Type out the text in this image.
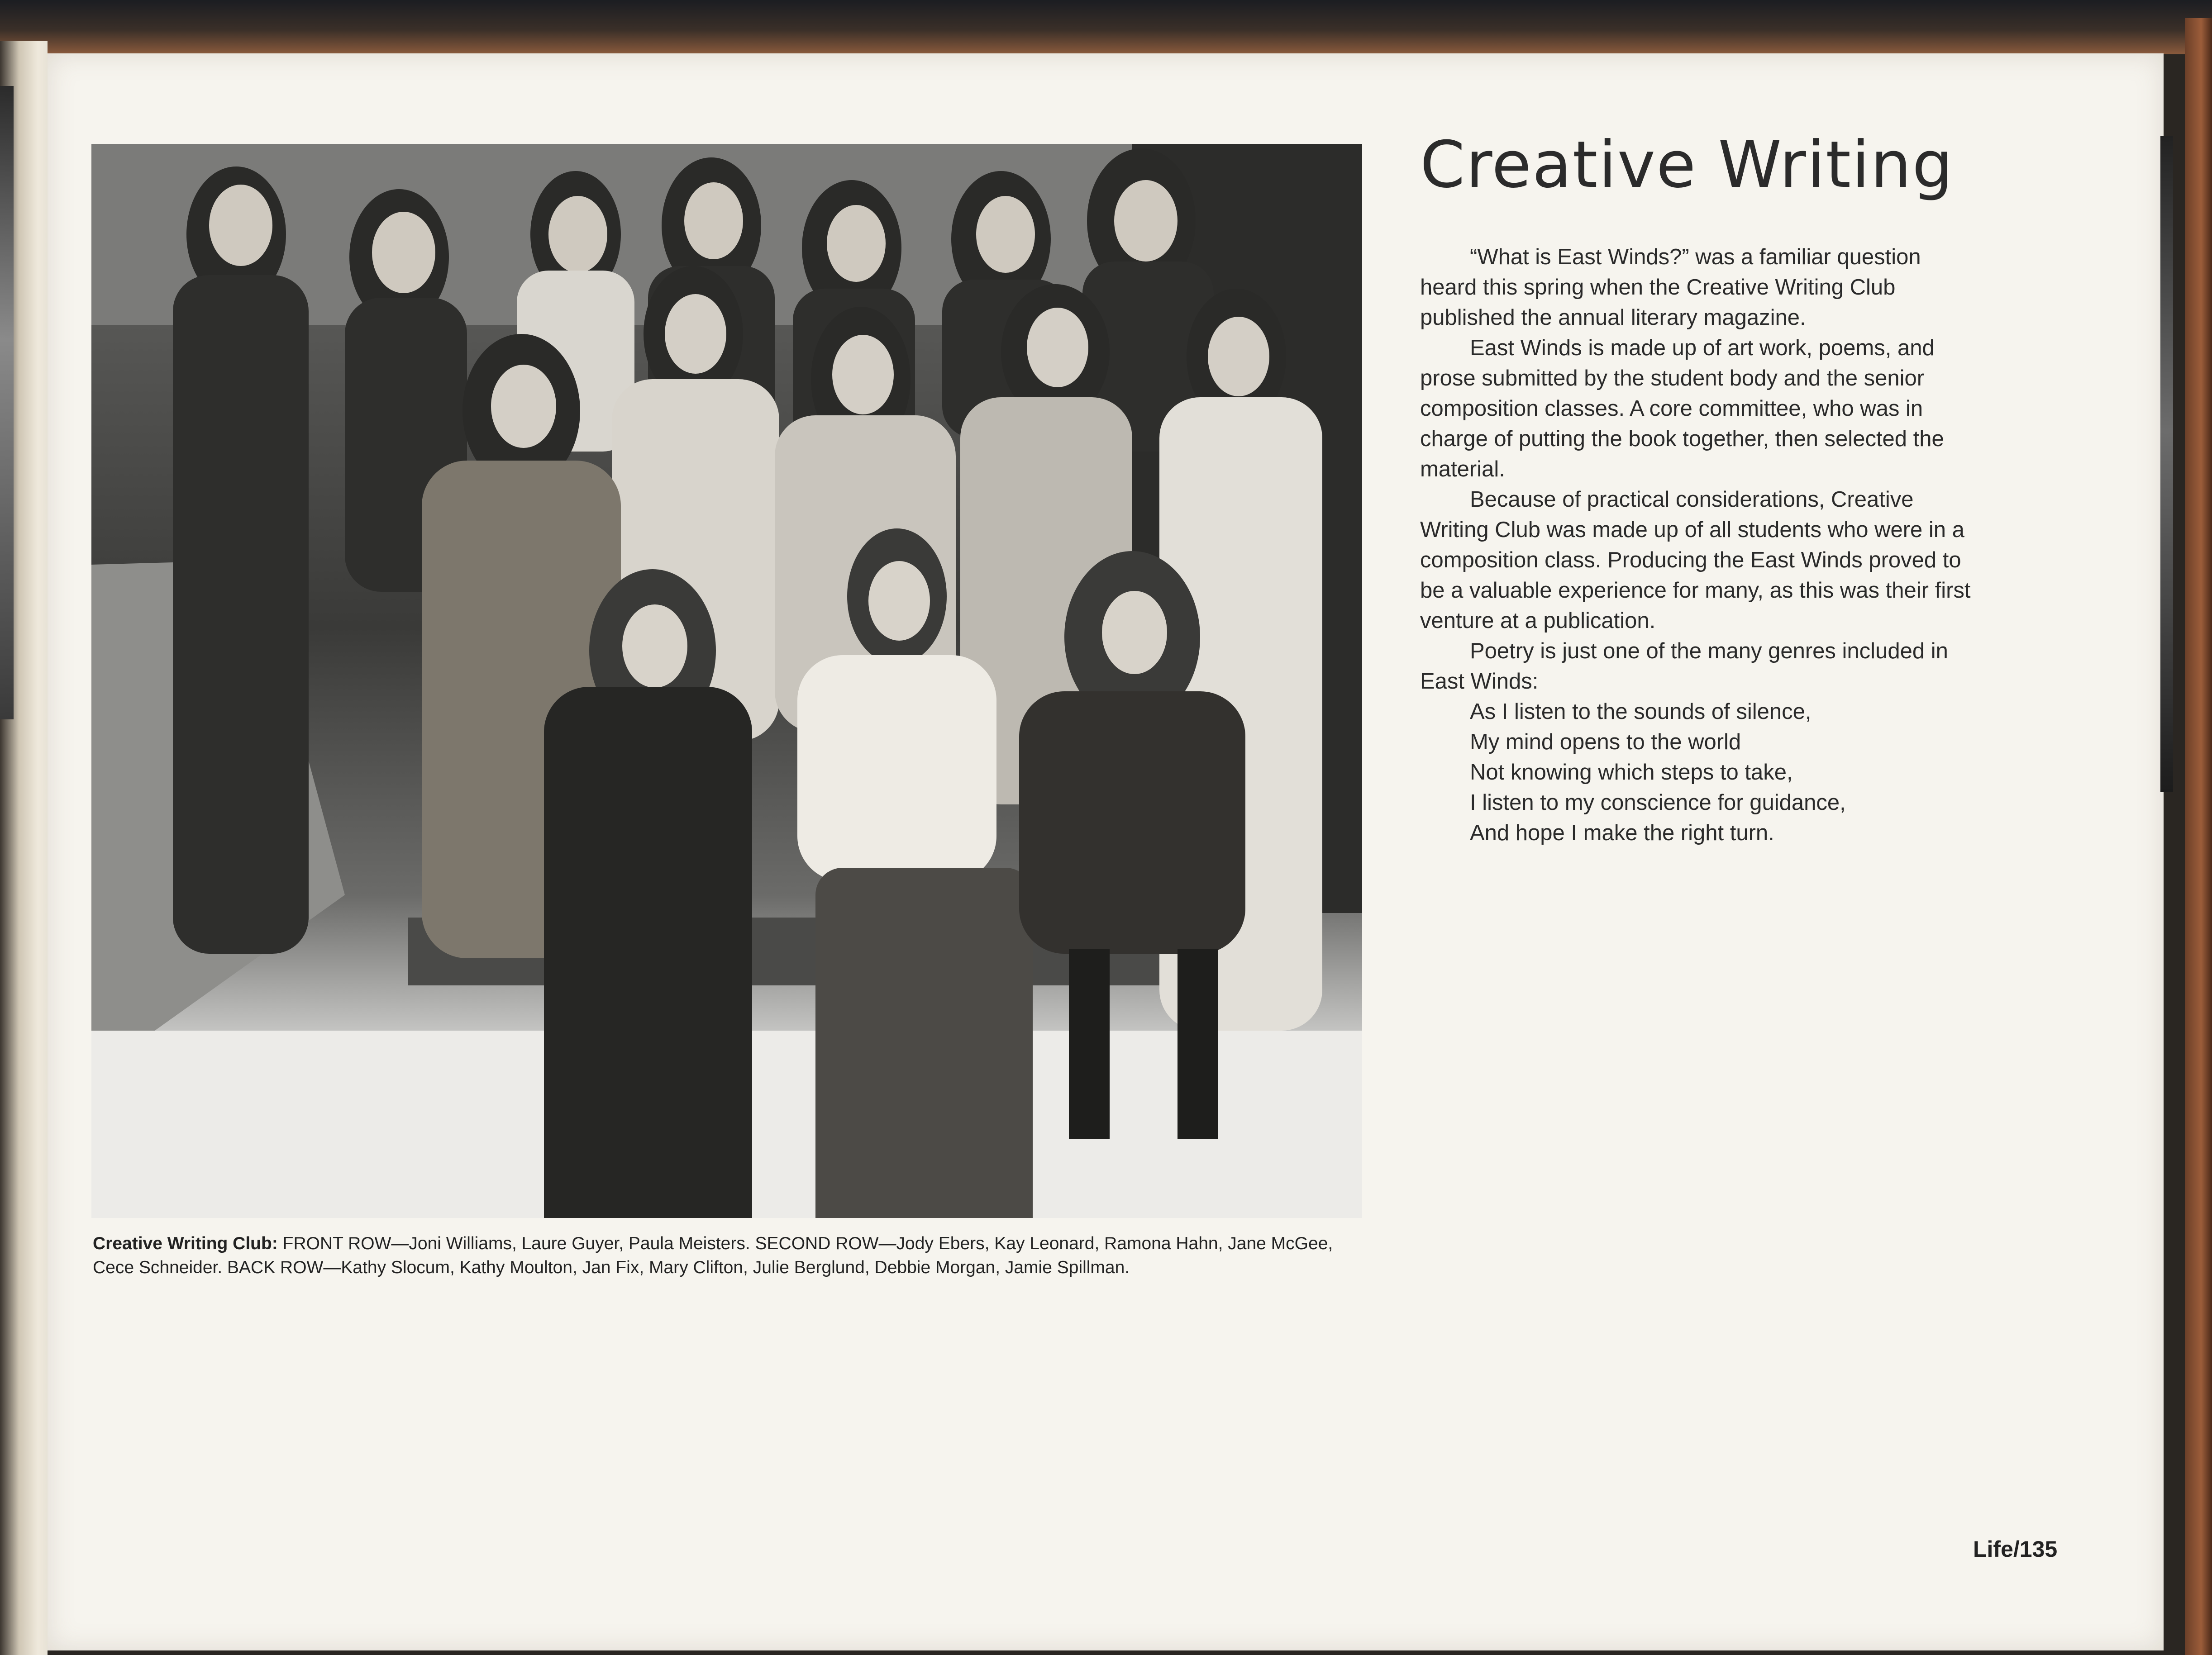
Creative Writing Club: FRONT ROW—Joni Williams, Laure Guyer, Paula Meisters. SECOND ROW—Jody Ebers, Kay Leonard, Ramona Hahn, Jane McGee, Cece Schneider. BACK ROW—Kathy Slocum, Kathy Moulton, Jan Fix, Mary Clifton, Julie Berglund, Debbie Morgan, Jamie Spillman.
Creative Writing

“What is East Winds?” was a familiar question heard this spring when the Creative Writing Club published the annual literary magazine.

East Winds is made up of art work, poems, and prose submitted by the student body and the senior composition classes. A core committee, who was in charge of putting the book together, then selected the material.

Because of practical considerations, Creative Writing Club was made up of all students who were in a composition class. Producing the East Winds proved to be a valuable experience for many, as this was their first venture at a publication.

Poetry is just one of the many genres included in East Winds:

As I listen to the sounds of silence,
My mind opens to the world
Not knowing which steps to take,
I listen to my conscience for guidance,
And hope I make the right turn.
Life/135
